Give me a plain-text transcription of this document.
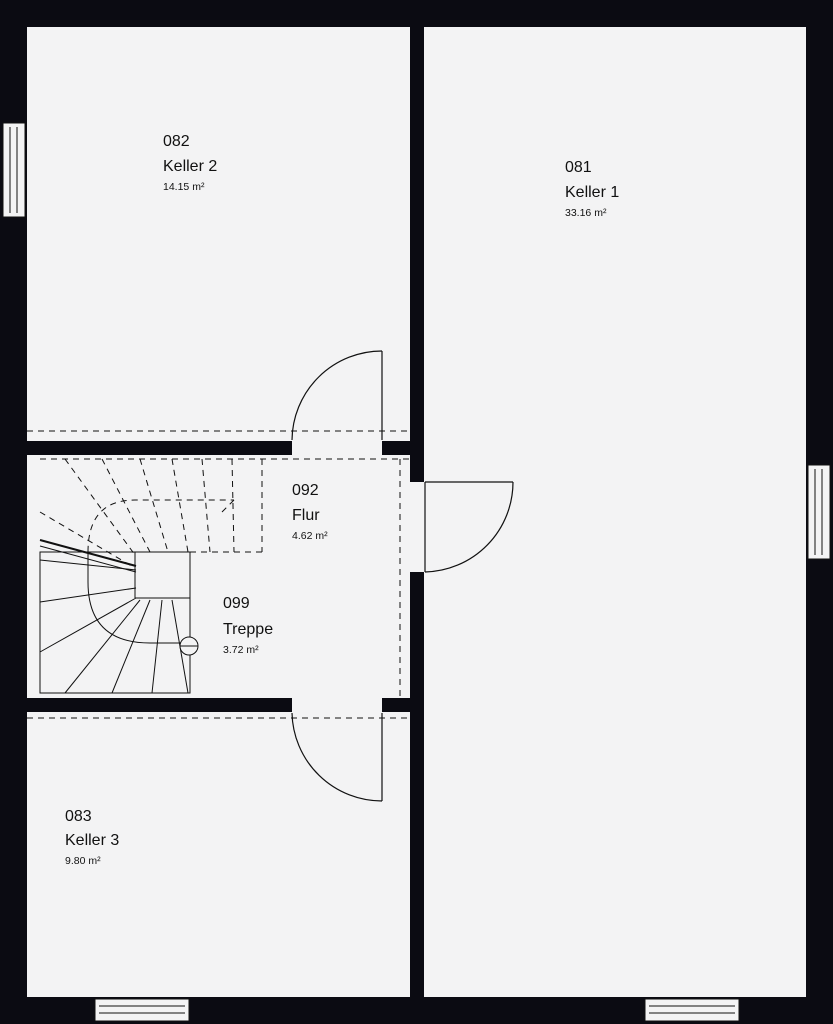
082
Keller 2
14.15 m²
081
Keller 1
33.16 m²
092
Flur
4.62 m²
099
Treppe
3.72 m²
083
Keller 3
9.80 m²
